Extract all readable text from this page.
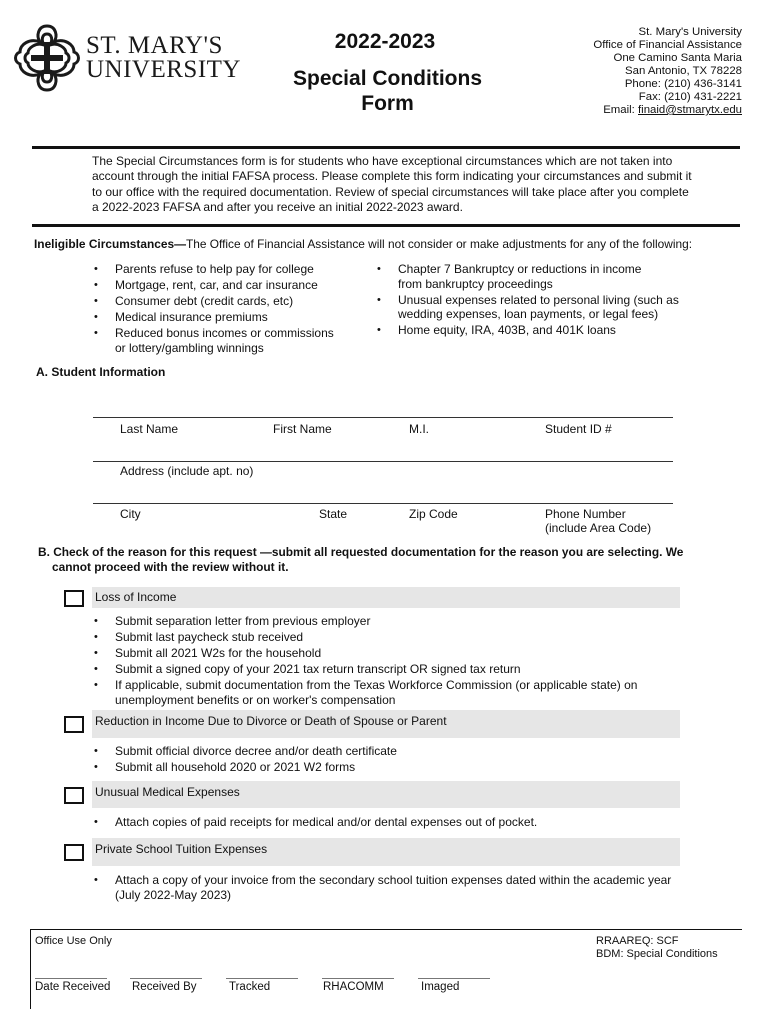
ST. MARY'S
UNIVERSITY
2022-2023
Special Conditions
Form
St. Mary's University
Office of Financial Assistance
One Camino Santa Maria
San Antonio, TX 78228
Phone: (210) 436-3141
Fax: (210) 431-2221
Email: finaid@stmarytx.edu
The Special Circumstances form is for students who have exceptional circumstances which are not taken into account through the initial FAFSA process. Please complete this form indicating your circumstances and submit it to our office with the required documentation. Review of special circumstances will take place after you complete a 2022-2023 FAFSA and after you receive an initial 2022-2023 award.
Ineligible Circumstances—The Office of Financial Assistance will not consider or make adjustments for any of the following:
• Parents refuse to help pay for college
• Mortgage, rent, car, and car insurance
• Consumer debt (credit cards, etc)
• Medical insurance premiums
• Reduced bonus incomes or commissions or lottery/gambling winnings
• Chapter 7 Bankruptcy or reductions in income from bankruptcy proceedings
• Unusual expenses related to personal living (such as wedding expenses, loan payments, or legal fees)
• Home equity, IRA, 403B, and 401K loans
A. Student Information
Last Name	First Name	M.I.	Student ID #
Address (include apt. no)
City	State	Zip Code	Phone Number
(include Area Code)
B. Check of the reason for this request —submit all requested documentation for the reason you are selecting. We
cannot proceed with the review without it.
Loss of Income
• Submit separation letter from previous employer
• Submit last paycheck stub received
• Submit all 2021 W2s for the household
• Submit a signed copy of your 2021 tax return transcript OR signed tax return
• If applicable, submit documentation from the Texas Workforce Commission (or applicable state) on unemployment benefits or on worker's compensation
Reduction in Income Due to Divorce or Death of Spouse or Parent
• Submit official divorce decree and/or death certificate
• Submit all household 2020 or 2021 W2 forms
Unusual Medical Expenses
• Attach copies of paid receipts for medical and/or dental expenses out of pocket.
Private School Tuition Expenses
• Attach a copy of your invoice from the secondary school tuition expenses dated within the academic year (July 2022-May 2023)
Office Use Only	RRAAREQ: SCF
BDM: Special Conditions
Date Received Received By	Tracked	RHACOMM	Imaged
